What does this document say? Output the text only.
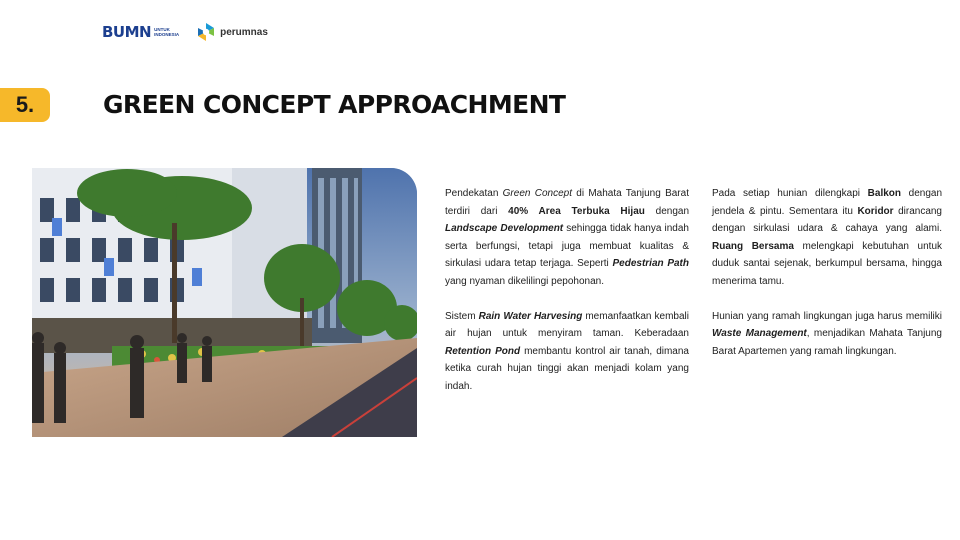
BUMN UNTUK INDONESIA	perumnas
5.	GREEN CONCEPT APPROACHMENT

Pendekatan Green Concept di Mahata Tanjung Barat terdiri dari 40% Area Terbuka Hijau dengan Landscape Development sehingga tidak hanya indah serta berfungsi, tetapi juga membuat kualitas & sirkulasi udara tetap terjaga. Seperti Pedestrian Path yang nyaman dikelilingi pepohonan.

Sistem Rain Water Harvesing memanfaatkan kembali air hujan untuk menyiram taman. Keberadaan Retention Pond membantu kontrol air tanah, dimana ketika curah hujan tinggi akan menjadi kolam yang indah.

Pada setiap hunian dilengkapi Balkon dengan jendela & pintu. Sementara itu Koridor dirancang dengan sirkulasi udara & cahaya yang alami. Ruang Bersama melengkapi kebutuhan untuk duduk santai sejenak, berkumpul bersama, hingga menerima tamu.

Hunian yang ramah lingkungan juga harus memiliki Waste Management, menjadikan Mahata Tanjung Barat Apartemen yang ramah lingkungan.
